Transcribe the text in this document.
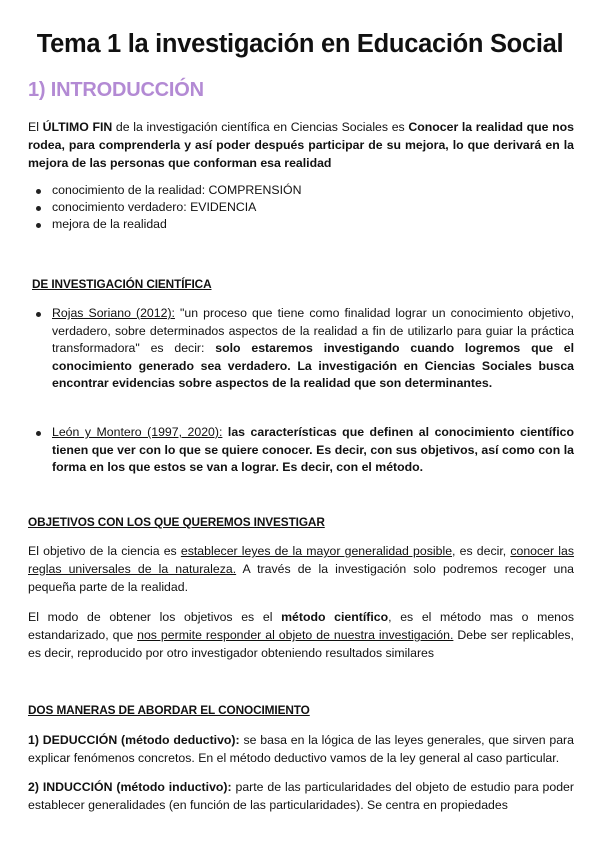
Tema 1 la investigación en Educación Social
1) INTRODUCCIÓN
El ÚLTIMO FIN de la investigación científica en Ciencias Sociales es Conocer la realidad que nos rodea, para comprenderla y así poder después participar de su mejora, lo que derivará en la mejora de las personas que conforman esa realidad
conocimiento de la realidad: COMPRENSIÓN
conocimiento verdadero: EVIDENCIA
mejora de la realidad
DE INVESTIGACIÓN CIENTÍFICA
Rojas Soriano (2012): "un proceso que tiene como finalidad lograr un conocimiento objetivo, verdadero, sobre determinados aspectos de la realidad a fin de utilizarlo para guiar la práctica transformadora" es decir: solo estaremos investigando cuando logremos que el conocimiento generado sea verdadero. La investigación en Ciencias Sociales busca encontrar evidencias sobre aspectos de la realidad que son determinantes.
León y Montero (1997, 2020): las características que definen al conocimiento científico tienen que ver con lo que se quiere conocer. Es decir, con sus objetivos, así como con la forma en los que estos se van a lograr. Es decir, con el método.
OBJETIVOS CON LOS QUE QUEREMOS INVESTIGAR
El objetivo de la ciencia es establecer leyes de la mayor generalidad posible, es decir, conocer las reglas universales de la naturaleza. A través de la investigación solo podremos recoger una pequeña parte de la realidad.
El modo de obtener los objetivos es el método científico, es el método mas o menos estandarizado, que nos permite responder al objeto de nuestra investigación. Debe ser replicables, es decir, reproducido por otro investigador obteniendo resultados similares
DOS MANERAS DE ABORDAR EL CONOCIMIENTO
1) DEDUCCIÓN (método deductivo): se basa en la lógica de las leyes generales, que sirven para explicar fenómenos concretos. En el método deductivo vamos de la ley general al caso particular.
2) INDUCCIÓN (método inductivo): parte de las particularidades del objeto de estudio para poder establecer generalidades (en función de las particularidades). Se centra en propiedades
